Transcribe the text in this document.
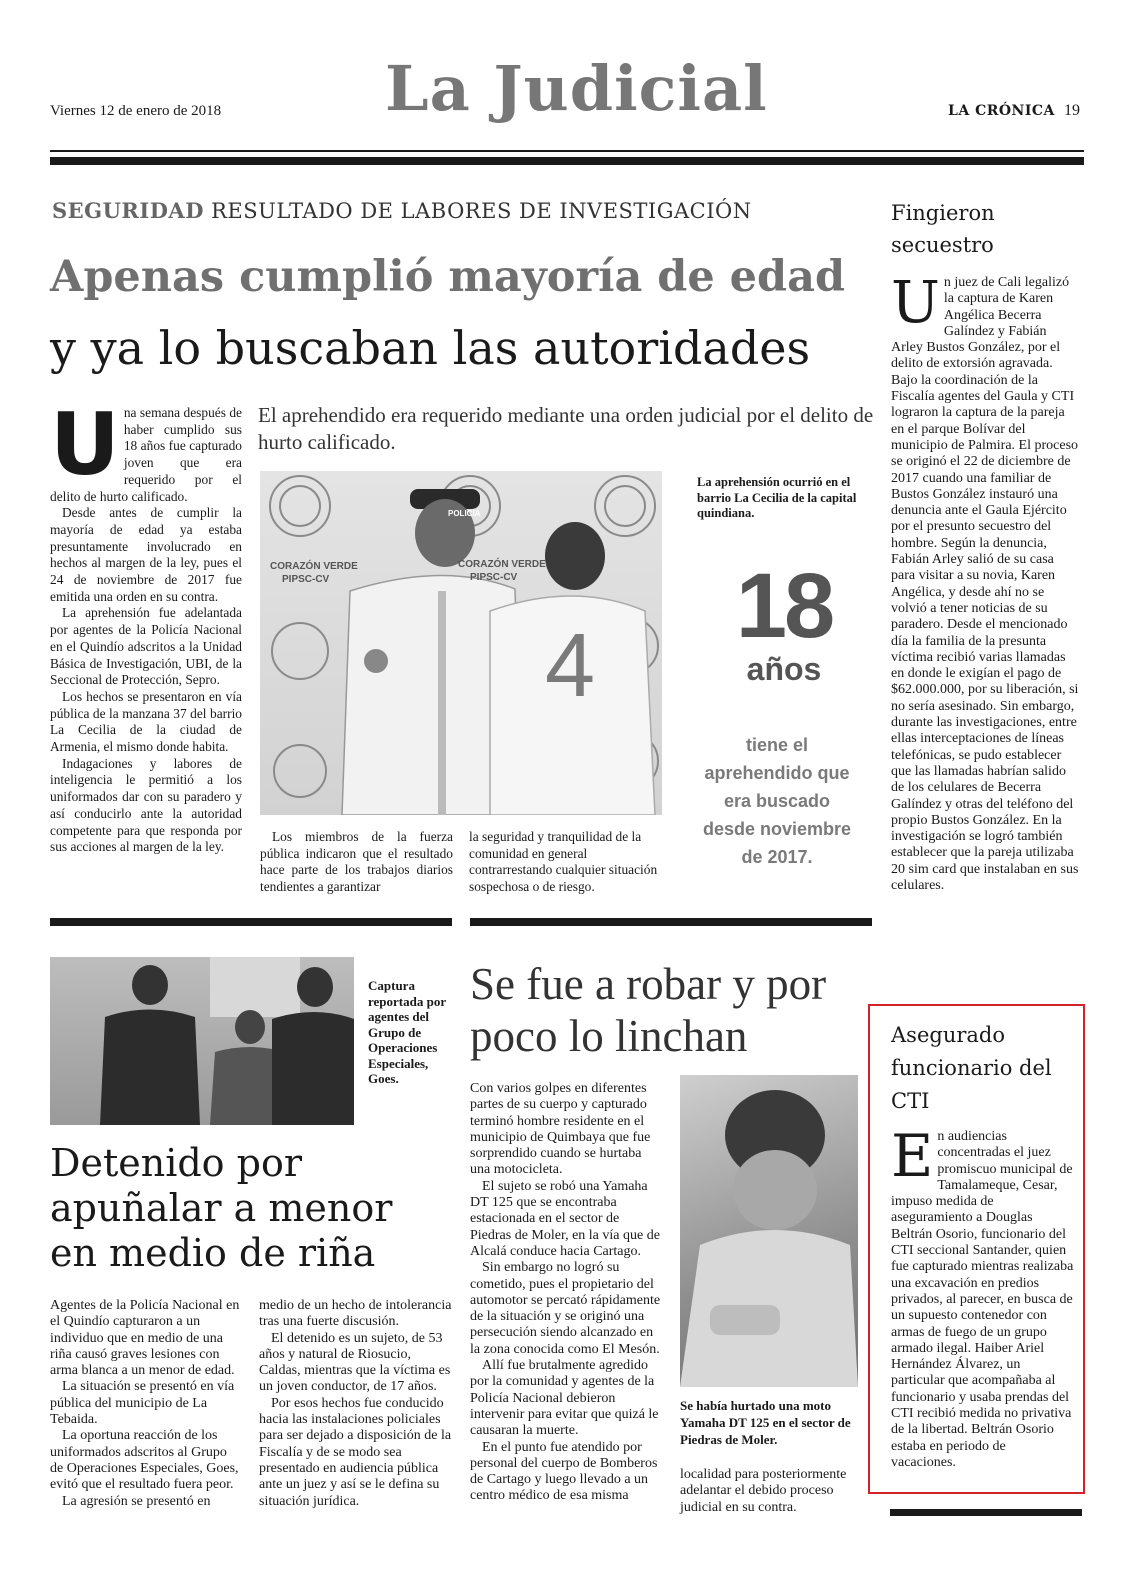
Viernes 12 de enero de 2018	La Judicial	LA CRÓNICA 19
SEGURIDAD RESULTADO DE LABORES DE INVESTIGACIÓN
Apenas cumplió mayoría de edad
y ya lo buscaban las autoridades
El aprehendido era requerido mediante una orden judicial por el delito de hurto calificado.

Una semana después de haber cumplido sus 18 años fue capturado joven que era requerido por el delito de hurto calificado.

Desde antes de cumplir la mayoría de edad ya estaba presuntamente involucrado en hechos al margen de la ley, pues el 24 de noviembre de 2017 fue emitida una orden en su contra.

La aprehensión fue adelantada por agentes de la Policía Nacional en el Quindío adscritos a la Unidad Básica de Investigación, UBI, de la Seccional de Protección, Sepro.

Los hechos se presentaron en vía pública de la manzana 37 del barrio La Cecilia de la ciudad de Armenia, el mismo donde habita.

Indagaciones y labores de inteligencia le permitió a los uniformados dar con su paradero y así conducirlo ante la autoridad competente para que responda por sus acciones al margen de la ley.

POLICÍA
CORAZÓN VERDE
PIPSC-CV
CORAZÓN VERDE
PIPSC-CV
4

Los miembros de la fuerza pública indicaron que el resultado hace parte de los trabajos diarios tendientes a garantizar

la seguridad y tranquilidad de la comunidad en general contrarrestando cualquier situación sospechosa o de riesgo.

La aprehensión ocurrió en el barrio La Cecilia de la capital quindiana.
18
años
tiene el aprehendido que era buscado desde noviembre de 2017.
Fingieron secuestro
Un juez de Cali legalizó la captura de Karen Angélica Becerra Galíndez y Fabián Arley Bustos González, por el delito de extorsión agravada. Bajo la coordinación de la Fiscalía agentes del Gaula y CTI lograron la captura de la pareja en el parque Bolívar del municipio de Palmira. El proceso se originó el 22 de diciembre de 2017 cuando una familiar de Bustos González instauró una denuncia ante el Gaula Ejército por el presunto secuestro del hombre. Según la denuncia, Fabián Arley salió de su casa para visitar a su novia, Karen Angélica, y desde ahí no se volvió a tener noticias de su paradero. Desde el mencionado día la familia de la presunta víctima recibió varias llamadas en donde le exigían el pago de $62.000.000, por su liberación, si no sería asesinado. Sin embargo, durante las investigaciones, entre ellas interceptaciones de líneas telefónicas, se pudo establecer que las llamadas habrían salido de los celulares de Becerra Galíndez y otras del teléfono del propio Bustos González. En la investigación se logró también establecer que la pareja utilizaba 20 sim card que instalaban en sus celulares.
Asegurado funcionario del CTI
En audiencias concentradas el juez promiscuo municipal de Tamalameque, Cesar, impuso medida de aseguramiento a Douglas Beltrán Osorio, funcionario del CTI seccional Santander, quien fue capturado mientras realizaba una excavación en predios privados, al parecer, en busca de un supuesto contenedor con armas de fuego de un grupo armado ilegal. Haiber Ariel Hernández Álvarez, un particular que acompañaba al funcionario y usaba prendas del CTI recibió medida no privativa de la libertad. Beltrán Osorio estaba en periodo de vacaciones.
Captura reportada por agentes del Grupo de Operaciones Especiales, Goes.
Detenido por apuñalar a menor en medio de riña

Agentes de la Policía Nacional en el Quindío capturaron a un individuo que en medio de una riña causó graves lesiones con arma blanca a un menor de edad.

La situación se presentó en vía pública del municipio de La Tebaida.

La oportuna reacción de los uniformados adscritos al Grupo de Operaciones Especiales, Goes, evitó que el resultado fuera peor.

La agresión se presentó en

medio de un hecho de intolerancia tras una fuerte discusión.

El detenido es un sujeto, de 53 años y natural de Riosucio, Caldas, mientras que la víctima es un joven conductor, de 17 años.

Por esos hechos fue conducido hacia las instalaciones policiales para ser dejado a disposición de la Fiscalía y de se modo sea presentado en audiencia pública ante un juez y así se le defina su situación jurídica.

Se fue a robar y por poco lo linchan

Con varios golpes en diferentes partes de su cuerpo y capturado terminó hombre residente en el municipio de Quimbaya que fue sorprendido cuando se hurtaba una motocicleta.

El sujeto se robó una Yamaha DT 125 que se encontraba estacionada en el sector de Piedras de Moler, en la vía que de Alcalá conduce hacia Cartago.

Sin embargo no logró su cometido, pues el propietario del automotor se percató rápidamente de la situación y se originó una persecución siendo alcanzado en la zona conocida como El Mesón.

Allí fue brutalmente agredido por la comunidad y agentes de la Policía Nacional debieron intervenir para evitar que quizá le causaran la muerte.

En el punto fue atendido por personal del cuerpo de Bomberos de Cartago y luego llevado a un centro médico de esa misma

Se había hurtado una moto Yamaha DT 125 en el sector de Piedras de Moler.

localidad para posteriormente adelantar el debido proceso judicial en su contra.
